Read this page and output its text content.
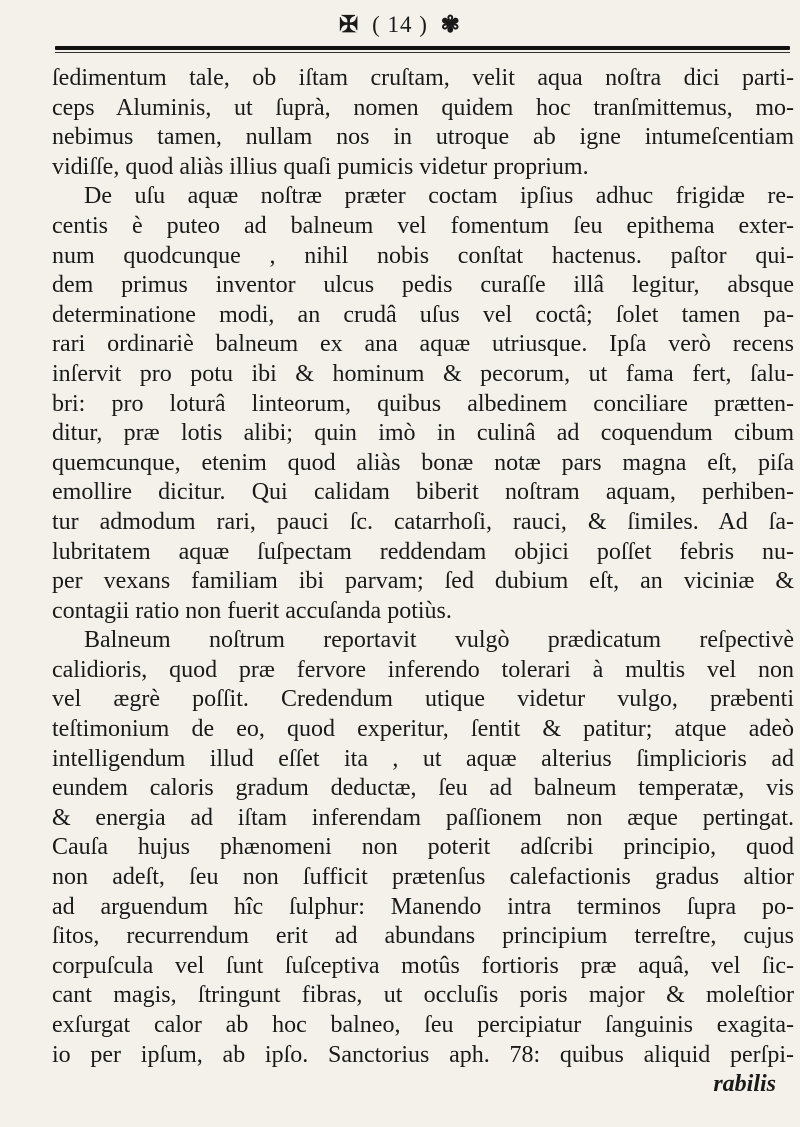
✠ ( 14 ) ✾
ſedimentum tale, ob iſtam cruſtam, velit aqua noſtra dici parti-
ceps Aluminis, ut ſuprà, nomen quidem hoc tranſmittemus, mo-
nebimus tamen, nullam nos in utroque ab igne intumeſcentiam
vidiſſe, quod aliàs illius quaſi pumicis videtur proprium.
De uſu aquæ noſtræ præter coctam ipſius adhuc frigidæ re-
centis è puteo ad balneum vel fomentum ſeu epithema exter-
num quodcunque , nihil nobis conſtat hactenus. paſtor qui-
dem primus inventor ulcus pedis curaſſe illâ legitur, absque
determinatione modi, an crudâ uſus vel coctâ; ſolet tamen pa-
rari ordinariè balneum ex ana aquæ utriusque. Ipſa verò recens
inſervit pro potu ibi & hominum & pecorum, ut fama fert, ſalu-
bri: pro loturâ linteorum, quibus albedinem conciliare prætten-
ditur, præ lotis alibi; quin imò in culinâ ad coquendum cibum
quemcunque, etenim quod aliàs bonæ notæ pars magna eſt, piſa
emollire dicitur. Qui calidam biberit noſtram aquam, perhiben-
tur admodum rari, pauci ſc. catarrhoſi, rauci, & ſimiles. Ad ſa-
lubritatem aquæ ſuſpectam reddendam objici poſſet febris nu-
per vexans familiam ibi parvam; ſed dubium eſt, an viciniæ &
contagii ratio non fuerit accuſanda potiùs.
Balneum noſtrum reportavit vulgò prædicatum reſpectivè
calidioris, quod præ fervore inferendo tolerari à multis vel non
vel ægrè poſſit. Credendum utique videtur vulgo, præbenti
teſtimonium de eo, quod experitur, ſentit & patitur; atque adeò
intelligendum illud eſſet ita , ut aquæ alterius ſimplicioris ad
eundem caloris gradum deductæ, ſeu ad balneum temperatæ, vis
& energia ad iſtam inferendam paſſionem non æque pertingat.
Cauſa hujus phænomeni non poterit adſcribi principio, quod
non adeſt, ſeu non ſufficit prætenſus calefactionis gradus altior
ad arguendum hîc ſulphur: Manendo intra terminos ſupra po-
ſitos, recurrendum erit ad abundans principium terreſtre, cujus
corpuſcula vel ſunt ſuſceptiva motûs fortioris præ aquâ, vel ſic-
cant magis, ſtringunt fibras, ut occluſis poris major & moleſtior
exſurgat calor ab hoc balneo, ſeu percipiatur ſanguinis exagita-
io per ipſum, ab ipſo. Sanctorius aph. 78: quibus aliquid perſpi-
rabilis
